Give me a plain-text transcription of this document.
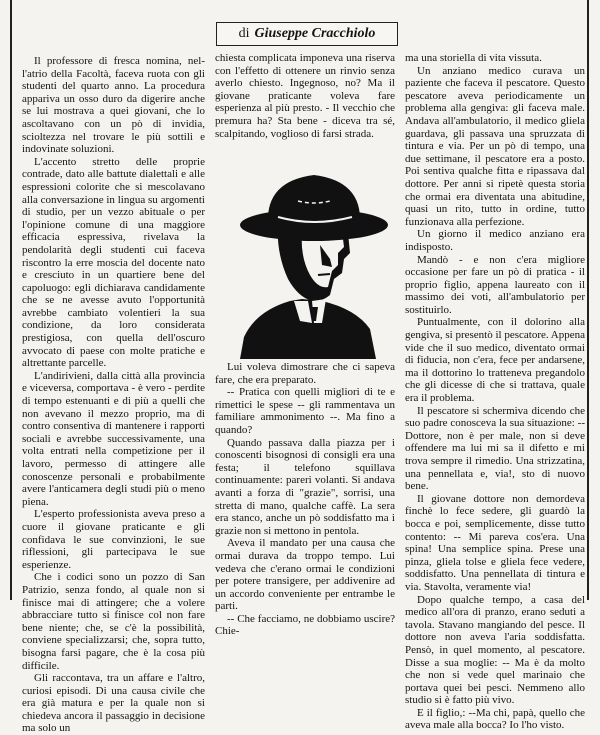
di Giuseppe Cracchiolo

Il professore di fresca nomina, nel-l'atrio della Facoltà, faceva ruota con gli studenti del quarto anno. La procedura appariva un osso duro da digerire anche se lui mostrava a quei giovani, che lo ascoltavano con un pò di invidia, scioltezza nel trovare le più sottili e indovinate soluzioni.

L'accento stretto delle proprie contrade, dato alle battute dialettali e alle espressioni colorite che si mescolavano alla conversazione in lingua su argomenti di studio, per un vezzo abituale o per l'opinione comune di una maggiore efficacia espressiva, rivelava la pendolarità degli studenti cui faceva riscontro la erre moscia del docente nato e cresciuto in un quartiere bene del capoluogo: egli dichiarava candidamente che se ne avesse avuto l'opportunità avrebbe cambiato volentieri la sua condizione, da loro considerata prestigiosa, con quella dell'oscuro avvocato di paese con molte pratiche e altrettante parcelle.

L'andirivieni, dalla città alla provincia e viceversa, comportava - è vero - perdite di tempo estenuanti e di più a quelli che non avevano il mezzo proprio, ma di contro consentiva di mantenere i rapporti sociali e avrebbe successivamente, una volta entrati nella competizione per il lavoro, permesso di attingere alle conoscenze personali e probabilmente avere l'anticamera degli studi più o meno piena.

L'esperto professionista aveva preso a cuore il giovane praticante e gli confidava le sue convinzioni, le sue riflessioni, gli partecipava le sue esperienze.

Che i codici sono un pozzo di San Patrizio, senza fondo, al quale non si finisce mai di attingere; che a volere abbracciare tutto si finisce col non fare bene niente; che, se c'è la possibilità, conviene specializzarsi; che, sopra tutto, bisogna farsi pagare, che è la cosa più difficile.

Gli raccontava, tra un affare e l'altro, curiosi episodi. Di una causa civile che era già matura e per la quale non si chiedeva ancora il passaggio in decisione ma solo un

chiesta complicata imponeva una riserva con l'effetto di ottenere un rinvio senza averlo chiesto. Ingegnoso, no? Ma il giovane praticante voleva fare esperienza al più presto. - Il vecchio che premura ha? Sta bene - diceva tra sé, scalpitando, voglioso di farsi strada.

Lui voleva dimostrare che ci sapeva fare, che era preparato.

-- Pratica con quelli migliori di te e rimettici le spese -- gli rammentava un familiare ammonimento --. Ma fino a quando?

Quando passava dalla piazza per i conoscenti bisognosi di consigli era una festa; il telefono squillava continuamente: pareri volanti. Si andava avanti a forza di "grazie", sorrisi, una stretta di mano, qualche caffè. La sera era stanco, anche un pò soddisfatto ma i grazie non si mettono in pentola.

Aveva il mandato per una causa che ormai durava da troppo tempo. Lui vedeva che c'erano ormai le condizioni per potere transigere, per addivenire ad un accordo conveniente per entrambe le parti.

-- Che facciamo, ne dobbiamo uscire? Chie-

ma una storiella di vita vissuta.

Un anziano medico curava un paziente che faceva il pescatore. Questo pescatore aveva periodicamente un problema alla gengiva: gli faceva male. Andava all'ambulatorio, il medico gliela guardava, gli passava una spruzzata di tintura e via. Per un pò di tempo, una due settimane, il pescatore era a posto. Poi sentiva qualche fitta e ripassava dal dottore. Per anni si ripetè questa storia che ormai era diventata una abitudine, quasi un rito, tutto in ordine, tutto funzionava alla perfezione.

Un giorno il medico anziano era indisposto.

Mandò - e non c'era migliore occasione per fare un pò di pratica - il proprio figlio, appena laureato con il massimo dei voti, all'ambulatorio per sostituirlo.

Puntualmente, con il dolorino alla gengiva, si presentò il pescatore. Appena vide che il suo medico, diventato ormai di fiducia, non c'era, fece per andarsene, ma il dottorino lo tratteneva pregandolo che gli dicesse di che si trattava, quale era il problema.

Il pescatore si schermiva dicendo che suo padre conosceva la sua situazione: -- Dottore, non è per male, non si deve offendere ma lui mi sa il difetto e mi trova sempre il rimedio. Una strizzatina, una pennellata e, via!, sto di nuovo bene.

Il giovane dottore non demordeva finchè lo fece sedere, gli guardò la bocca e poi, semplicemente, disse tutto contento: -- Mi pareva cos'era. Una spina! Una semplice spina. Prese una pinza, gliela tolse e gliela fece vedere, soddisfatto. Una pennellata di tintura e via. Stavolta, veramente via!

Dopo qualche tempo, a casa del medico all'ora di pranzo, erano seduti a tavola. Stavano mangiando del pesce. Il dottore non aveva l'aria soddisfatta. Pensò, in quel momento, al pescatore. Disse a sua moglie: -- Ma è da molto che non si vede quel marinaio che portava quei bei pesci. Nemmeno allo studio si è fatto più vivo.

E il figlio,: --Ma chi, papà, quello che aveva male alla bocca? Io l'ho visto.
